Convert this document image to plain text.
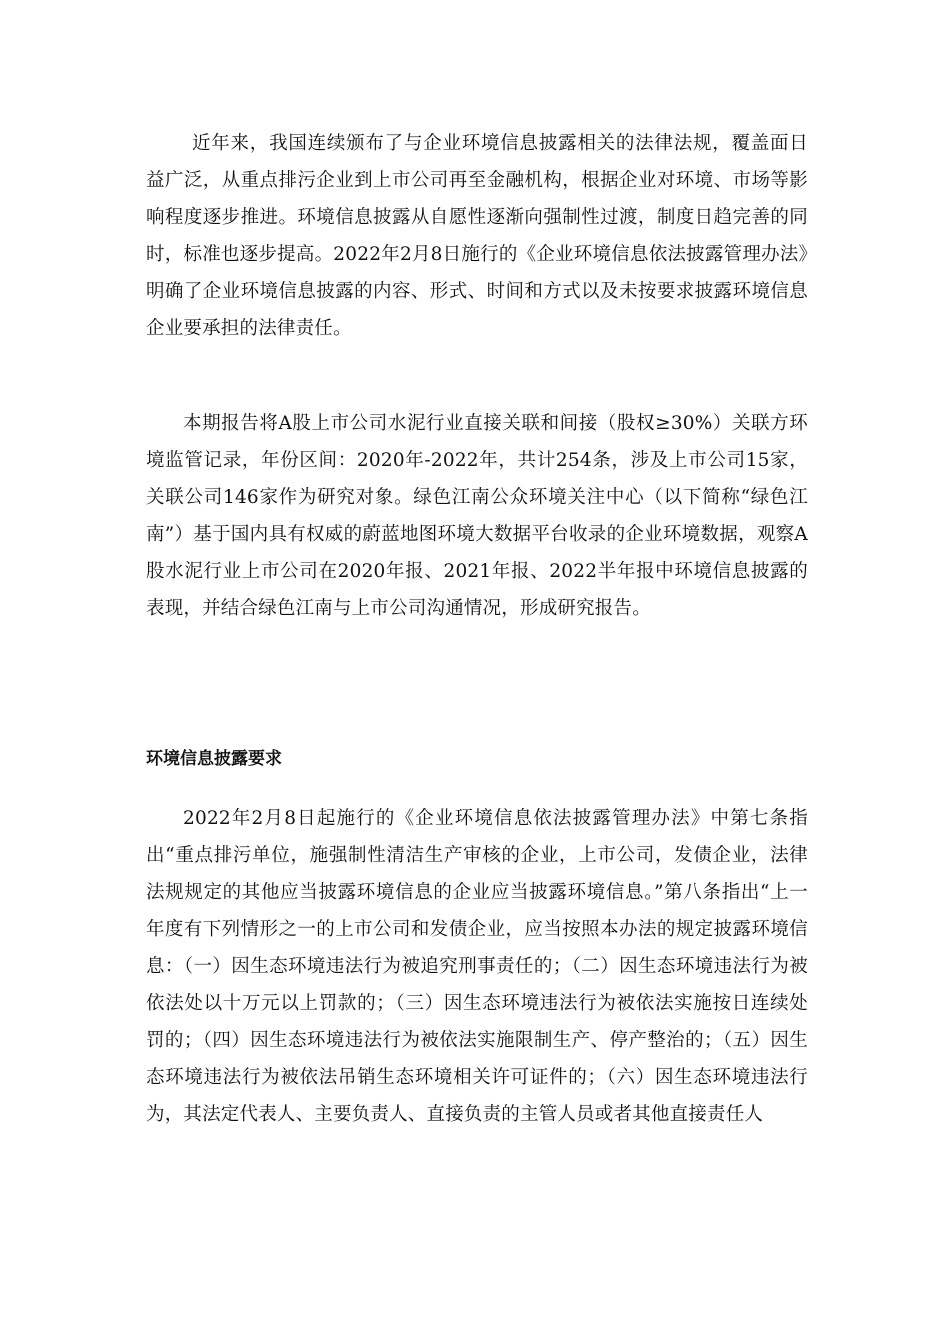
近年来，我国连续颁布了与企业环境信息披露相关的法律法规，覆盖面日益广泛，从重点排污企业到上市公司再至金融机构，根据企业对环境、市场等影响程度逐步推进。环境信息披露从自愿性逐渐向强制性过渡，制度日趋完善的同时，标准也逐步提高。2022年2月8日施行的《企业环境信息依法披露管理办法》明确了企业环境信息披露的内容、形式、时间和方式以及未按要求披露环境信息企业要承担的法律责任。

本期报告将A股上市公司水泥行业直接关联和间接（股权≥30%）关联方环境监管记录，年份区间：2020年-2022年，共计254条，涉及上市公司15家，关联公司146家作为研究对象。绿色江南公众环境关注中心（以下简称“绿色江南”）基于国内具有权威的蔚蓝地图环境大数据平台收录的企业环境数据，观察A股水泥行业上市公司在2020年报、2021年报、2022半年报中环境信息披露的表现，并结合绿色江南与上市公司沟通情况，形成研究报告。

环境信息披露要求

2022年2月8日起施行的《企业环境信息依法披露管理办法》中第七条指出“重点排污单位，施强制性清洁生产审核的企业，上市公司，发债企业，法律法规规定的其他应当披露环境信息的企业应当披露环境信息。”第八条指出“上一年度有下列情形之一的上市公司和发债企业，应当按照本办法的规定披露环境信息：（一）因生态环境违法行为被追究刑事责任的；（二）因生态环境违法行为被依法处以十万元以上罚款的；（三）因生态环境违法行为被依法实施按日连续处罚的；（四）因生态环境违法行为被依法实施限制生产、停产整治的；（五）因生态环境违法行为被依法吊销生态环境相关许可证件的；（六）因生态环境违法行为，其法定代表人、主要负责人、直接负责的主管人员或者其他直接责任人
